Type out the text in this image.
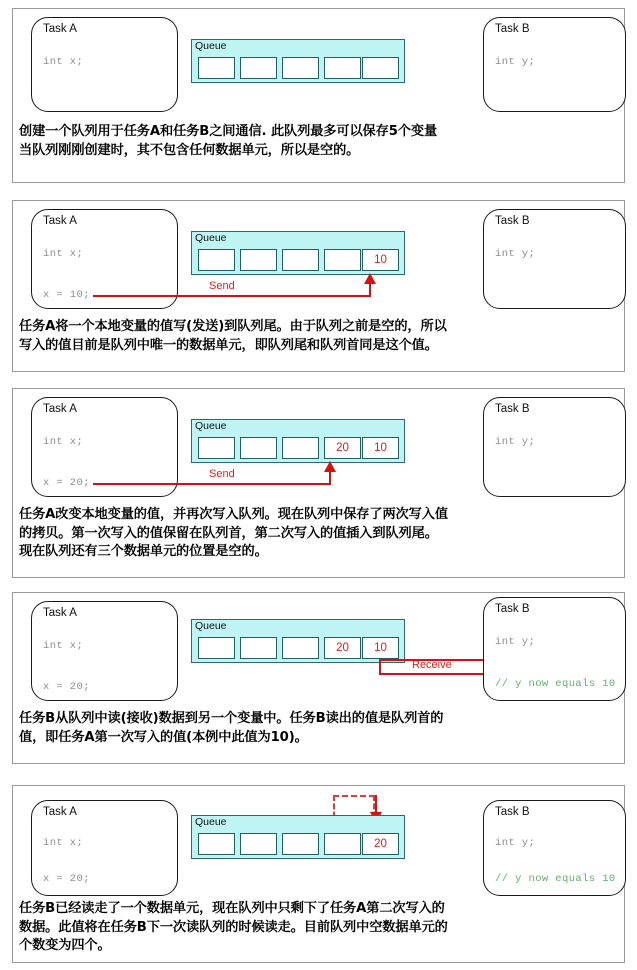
Task A
int x;
Queue
Task B
int y;
创建一个队列用于任务A和任务B之间通信. 此队列最多可以保存5个变量
当队列刚刚创建时，其不包含任何数据单元，所以是空的。
Task A
int x;
x = 10;
Queue
10
Send
Task B
int y;
任务A将一个本地变量的值写(发送)到队列尾。由于队列之前是空的，所以
写入的值目前是队列中唯一的数据单元，即队列尾和队列首同是这个值。
Task A
int x;
x = 20;
Queue
20	10
Send
Task B
int y;
任务A改变本地变量的值，并再次写入队列。现在队列中保存了两次写入值
的拷贝。第一次写入的值保留在队列首，第二次写入的值插入到队列尾。
现在队列还有三个数据单元的位置是空的。
Task A
int x;
x = 20;
Queue
20	10
Receive
Task B
int y;
// y now equals 10
任务B从队列中读(接收)数据到另一个变量中。任务B读出的值是队列首的
值，即任务A第一次写入的值(本例中此值为10)。
Task A
int x;
x = 20;
Queue
20
Task B
int y;
// y now equals 10
任务B已经读走了一个数据单元，现在队列中只剩下了任务A第二次写入的
数据。此值将在任务B下一次读队列的时候读走。目前队列中空数据单元的
个数变为四个。
